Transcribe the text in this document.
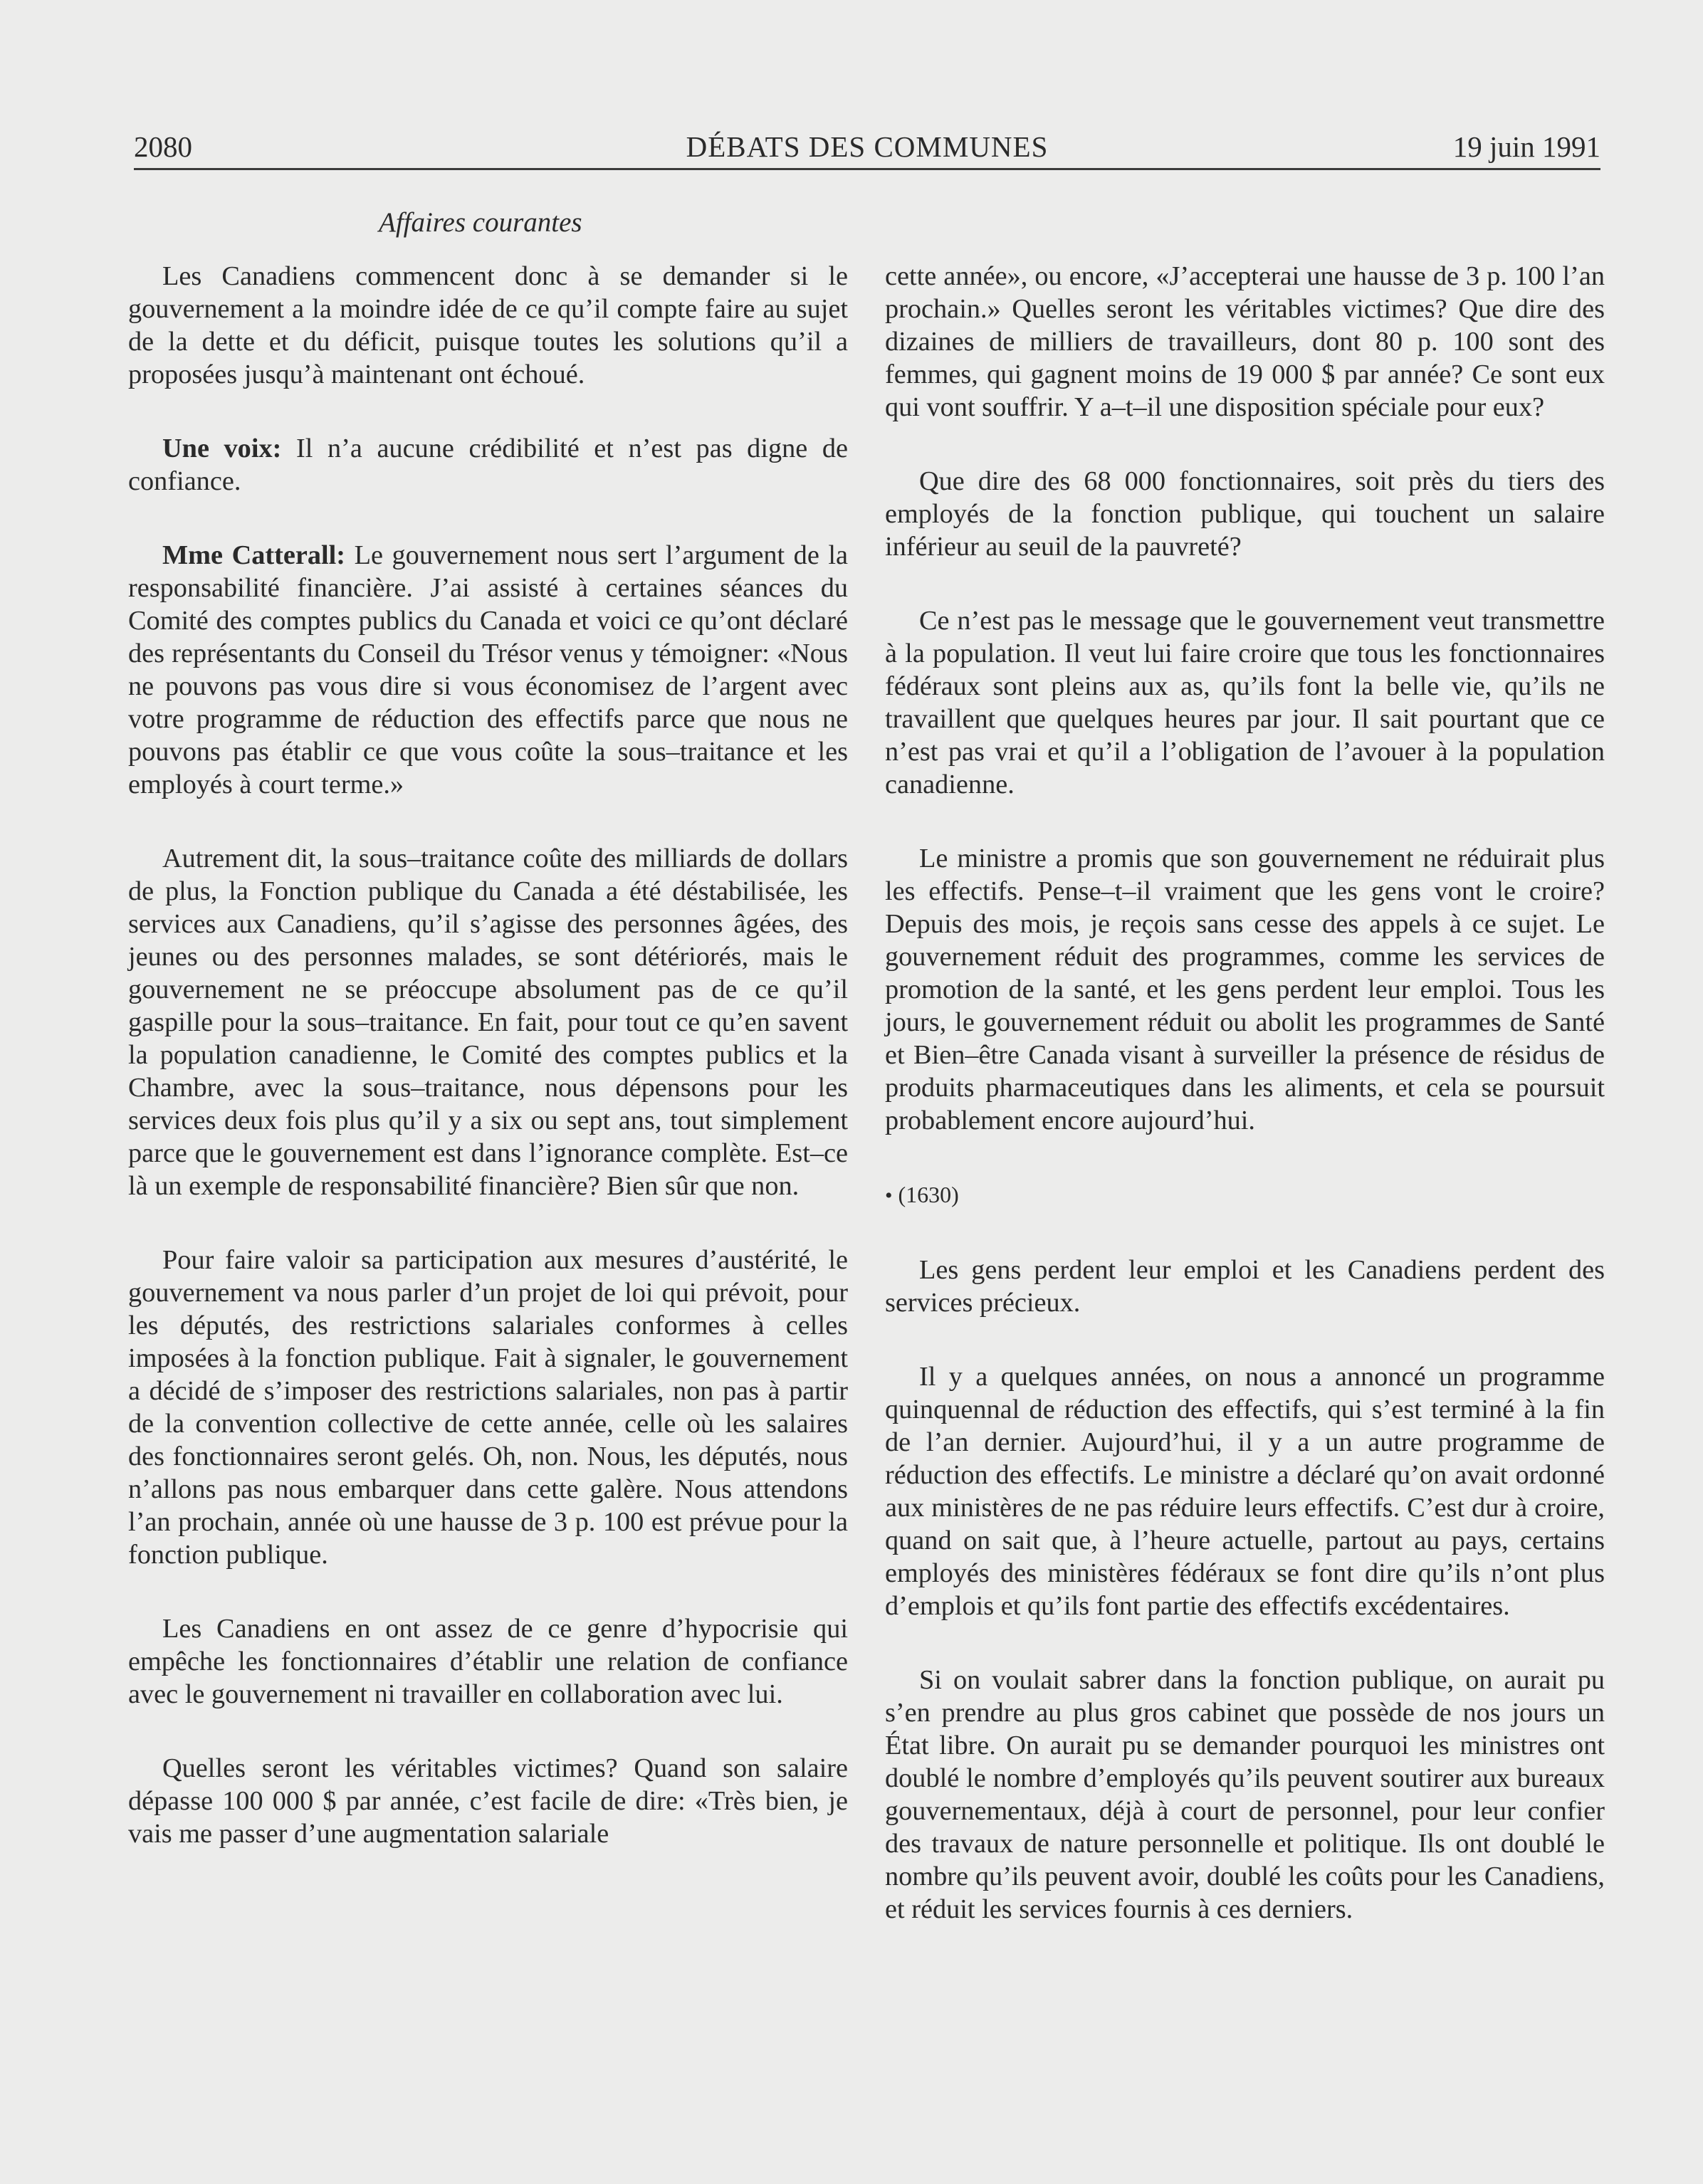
2080	DÉBATS DES COMMUNES	19 juin 1991
Affaires courantes

Les Canadiens commencent donc à se demander si le gouvernement a la moindre idée de ce qu’il compte faire au sujet de la dette et du déficit, puisque toutes les solutions qu’il a proposées jusqu’à maintenant ont échoué.

Une voix: Il n’a aucune crédibilité et n’est pas digne de confiance.

Mme Catterall: Le gouvernement nous sert l’argument de la responsabilité financière. J’ai assisté à certaines séances du Comité des comptes publics du Canada et voici ce qu’ont déclaré des représentants du Conseil du Trésor venus y témoigner: «Nous ne pouvons pas vous dire si vous économisez de l’argent avec votre programme de réduction des effectifs parce que nous ne pouvons pas établir ce que vous coûte la sous–traitance et les employés à court terme.»

Autrement dit, la sous–traitance coûte des milliards de dollars de plus, la Fonction publique du Canada a été déstabilisée, les services aux Canadiens, qu’il s’agisse des personnes âgées, des jeunes ou des personnes malades, se sont détériorés, mais le gouvernement ne se préoccupe absolument pas de ce qu’il gaspille pour la sous–traitance. En fait, pour tout ce qu’en savent la population canadienne, le Comité des comptes publics et la Chambre, avec la sous–traitance, nous dépensons pour les services deux fois plus qu’il y a six ou sept ans, tout simplement parce que le gouvernement est dans l’ignorance complète. Est–ce là un exemple de responsabilité financière? Bien sûr que non.

Pour faire valoir sa participation aux mesures d’austérité, le gouvernement va nous parler d’un projet de loi qui prévoit, pour les députés, des restrictions salariales conformes à celles imposées à la fonction publique. Fait à signaler, le gouvernement a décidé de s’imposer des restrictions salariales, non pas à partir de la convention collective de cette année, celle où les salaires des fonctionnaires seront gelés. Oh, non. Nous, les députés, nous n’allons pas nous embarquer dans cette galère. Nous attendons l’an prochain, année où une hausse de 3 p. 100 est prévue pour la fonction publique.

Les Canadiens en ont assez de ce genre d’hypocrisie qui empêche les fonctionnaires d’établir une relation de confiance avec le gouvernement ni travailler en collaboration avec lui.

Quelles seront les véritables victimes? Quand son salaire dépasse 100 000 $ par année, c’est facile de dire: «Très bien, je vais me passer d’une augmentation salariale

cette année», ou encore, «J’accepterai une hausse de 3 p. 100 l’an prochain.» Quelles seront les véritables victimes? Que dire des dizaines de milliers de travailleurs, dont 80 p. 100 sont des femmes, qui gagnent moins de 19 000 $ par année? Ce sont eux qui vont souffrir. Y a–t–il une disposition spéciale pour eux?

Que dire des 68 000 fonctionnaires, soit près du tiers des employés de la fonction publique, qui touchent un salaire inférieur au seuil de la pauvreté?

Ce n’est pas le message que le gouvernement veut transmettre à la population. Il veut lui faire croire que tous les fonctionnaires fédéraux sont pleins aux as, qu’ils font la belle vie, qu’ils ne travaillent que quelques heures par jour. Il sait pourtant que ce n’est pas vrai et qu’il a l’obligation de l’avouer à la population canadienne.

Le ministre a promis que son gouvernement ne réduirait plus les effectifs. Pense–t–il vraiment que les gens vont le croire? Depuis des mois, je reçois sans cesse des appels à ce sujet. Le gouvernement réduit des programmes, comme les services de promotion de la santé, et les gens perdent leur emploi. Tous les jours, le gouvernement réduit ou abolit les programmes de Santé et Bien–être Canada visant à surveiller la présence de résidus de produits pharmaceutiques dans les aliments, et cela se poursuit probablement encore aujourd’hui.

• (1630)

Les gens perdent leur emploi et les Canadiens perdent des services précieux.

Il y a quelques années, on nous a annoncé un programme quinquennal de réduction des effectifs, qui s’est terminé à la fin de l’an dernier. Aujourd’hui, il y a un autre programme de réduction des effectifs. Le ministre a déclaré qu’on avait ordonné aux ministères de ne pas réduire leurs effectifs. C’est dur à croire, quand on sait que, à l’heure actuelle, partout au pays, certains employés des ministères fédéraux se font dire qu’ils n’ont plus d’emplois et qu’ils font partie des effectifs excédentaires.

Si on voulait sabrer dans la fonction publique, on aurait pu s’en prendre au plus gros cabinet que possède de nos jours un État libre. On aurait pu se demander pourquoi les ministres ont doublé le nombre d’employés qu’ils peuvent soutirer aux bureaux gouvernementaux, déjà à court de personnel, pour leur confier des travaux de nature personnelle et politique. Ils ont doublé le nombre qu’ils peuvent avoir, doublé les coûts pour les Canadiens, et réduit les services fournis à ces derniers.
